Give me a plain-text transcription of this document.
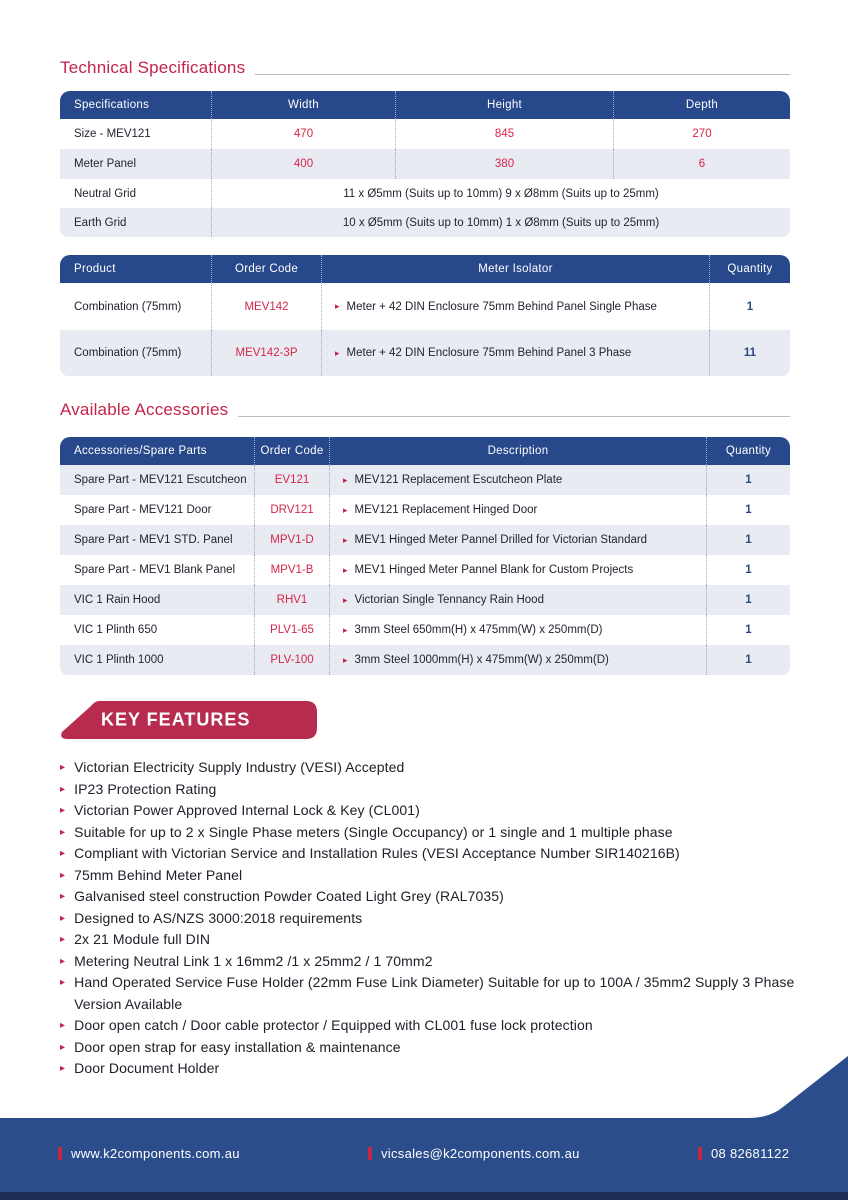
Technical Specifications
Specifications	Width	Height	Depth
Size - MEV121	470	845	270
Meter Panel	400	380	6
Neutral Grid	11 x Ø5mm (Suits up to 10mm) 9 x Ø8mm (Suits up to 25mm)
Earth Grid	10 x Ø5mm (Suits up to 10mm) 1 x Ø8mm (Suits up to 25mm)
Product	Order Code	Meter Isolator	Quantity
Combination (75mm)	MEV142	▸ Meter + 42 DIN Enclosure 75mm Behind Panel Single Phase	1
Combination (75mm)	MEV142-3P	▸ Meter + 42 DIN Enclosure 75mm Behind Panel 3 Phase	11
Available Accessories
Accessories/Spare Parts	Order Code	Description	Quantity
Spare Part - MEV121 Escutcheon	EV121	▸ MEV121 Replacement Escutcheon Plate	1
Spare Part - MEV121 Door	DRV121	▸ MEV121 Replacement Hinged Door	1
Spare Part - MEV1 STD. Panel	MPV1-D	▸ MEV1 Hinged Meter Pannel Drilled for Victorian Standard	1
Spare Part - MEV1 Blank Panel	MPV1-B	▸ MEV1 Hinged Meter Pannel Blank for Custom Projects	1
VIC 1 Rain Hood	RHV1	▸ Victorian Single Tennancy Rain Hood	1
VIC 1 Plinth 650	PLV1-65	▸ 3mm Steel 650mm(H) x 475mm(W) x 250mm(D)	1
VIC 1 Plinth 1000	PLV-100	▸ 3mm Steel 1000mm(H) x 475mm(W) x 250mm(D)	1
KEY FEATURES
▸ Victorian Electricity Supply Industry (VESI) Accepted
▸ IP23 Protection Rating
▸ Victorian Power Approved Internal Lock & Key (CL001)
▸ Suitable for up to 2 x Single Phase meters (Single Occupancy) or 1 single and 1 multiple phase
▸ Compliant with Victorian Service and Installation Rules (VESI Acceptance Number SIR140216B)
▸ 75mm Behind Meter Panel
▸ Galvanised steel construction Powder Coated Light Grey (RAL7035)
▸ Designed to AS/NZS 3000:2018 requirements
▸ 2x 21 Module full DIN
▸ Metering Neutral Link 1 x 16mm2 /1 x 25mm2 / 1 70mm2
▸ Hand Operated Service Fuse Holder (22mm Fuse Link Diameter) Suitable for up to 100A / 35mm2 Supply 3 Phase Version Available
▸ Door open catch / Door cable protector / Equipped with CL001 fuse lock protection
▸ Door open strap for easy installation & maintenance
▸ Door Document Holder
www.k2components.com.au	vicsales@k2components.com.au	08 82681122
